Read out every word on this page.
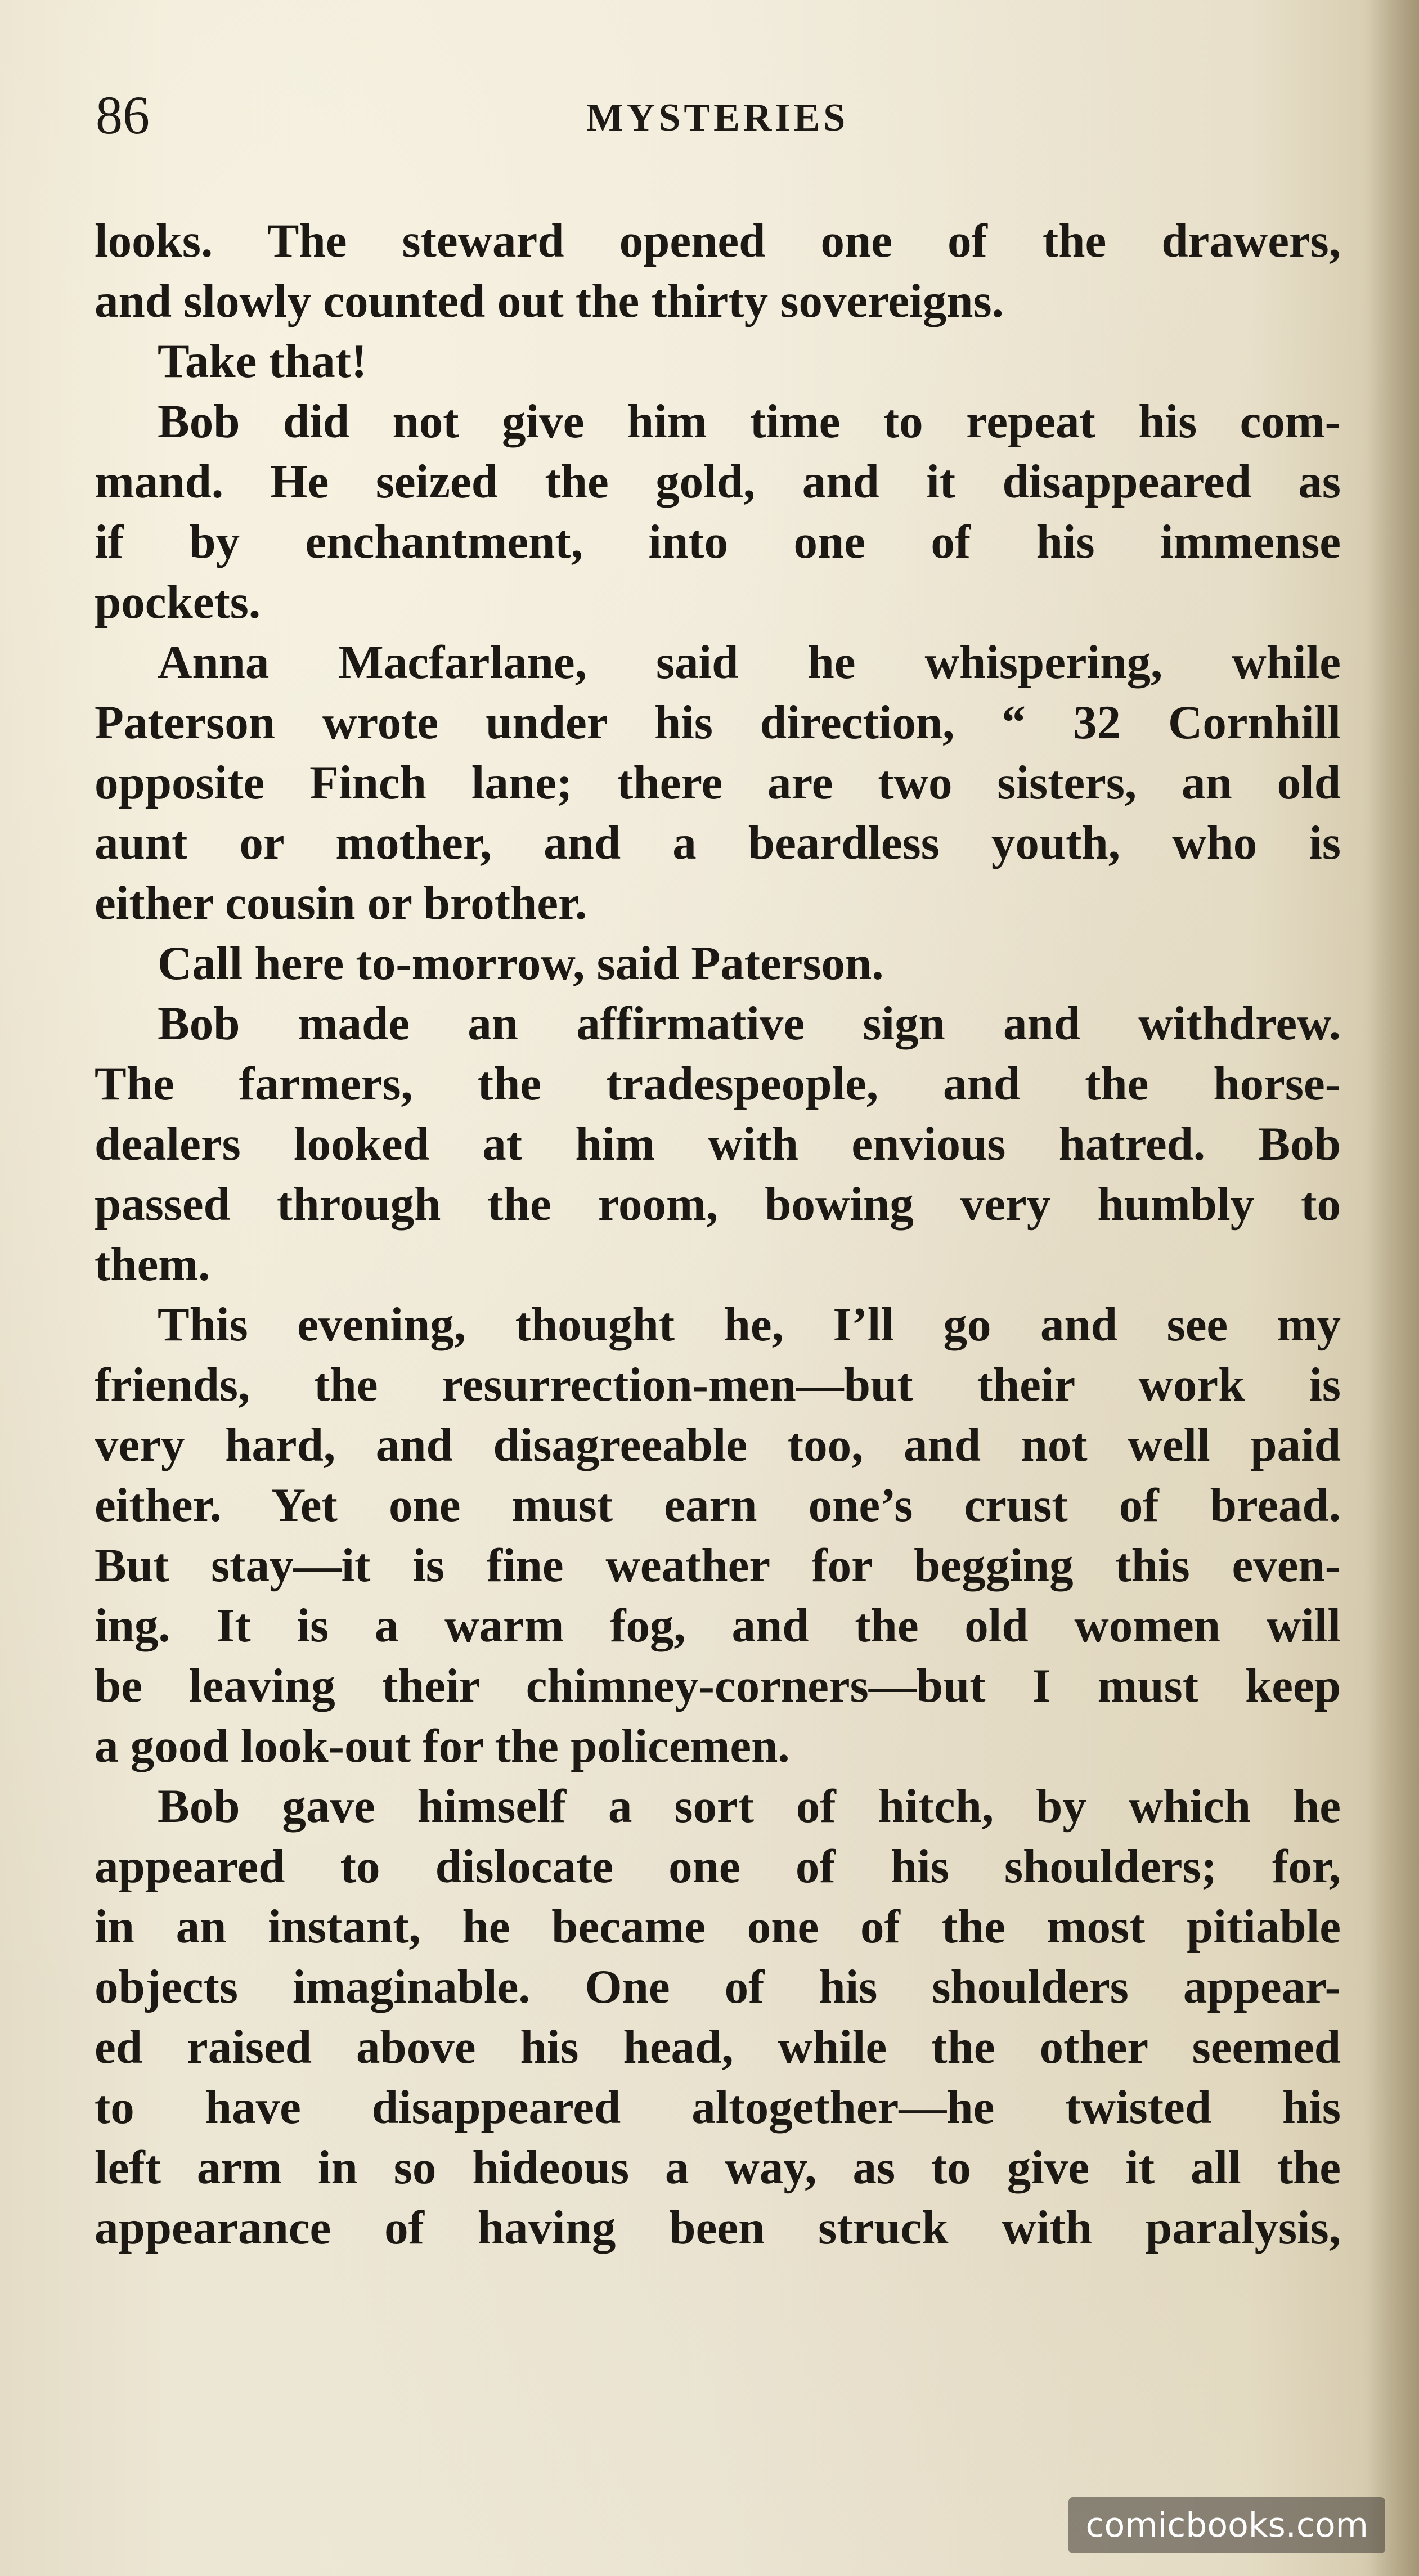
86	MYSTERIES
looks. The steward opened one of the drawers,
and slowly counted out the thirty sovereigns.
Take that!
Bob did not give him time to repeat his com-
mand. He seized the gold, and it disappeared as
if by enchantment, into one of his immense
pockets.
Anna Macfarlane, said he whispering, while
Paterson wrote under his direction, “ 32 Cornhill
opposite Finch lane; there are two sisters, an old
aunt or mother, and a beardless youth, who is
either cousin or brother.
Call here to-morrow, said Paterson.
Bob made an affirmative sign and withdrew.
The farmers, the tradespeople, and the horse-
dealers looked at him with envious hatred. Bob
passed through the room, bowing very humbly to
them.
This evening, thought he, I’ll go and see my
friends, the resurrection-men—but their work is
very hard, and disagreeable too, and not well paid
either. Yet one must earn one’s crust of bread.
But stay—it is fine weather for begging this even-
ing. It is a warm fog, and the old women will
be leaving their chimney-corners—but I must keep
a good look-out for the policemen.
Bob gave himself a sort of hitch, by which he
appeared to dislocate one of his shoulders; for,
in an instant, he became one of the most pitiable
objects imaginable. One of his shoulders appear-
ed raised above his head, while the other seemed
to have disappeared altogether—he twisted his
left arm in so hideous a way, as to give it all the
appearance of having been struck with paralysis,
comicbooks.com
